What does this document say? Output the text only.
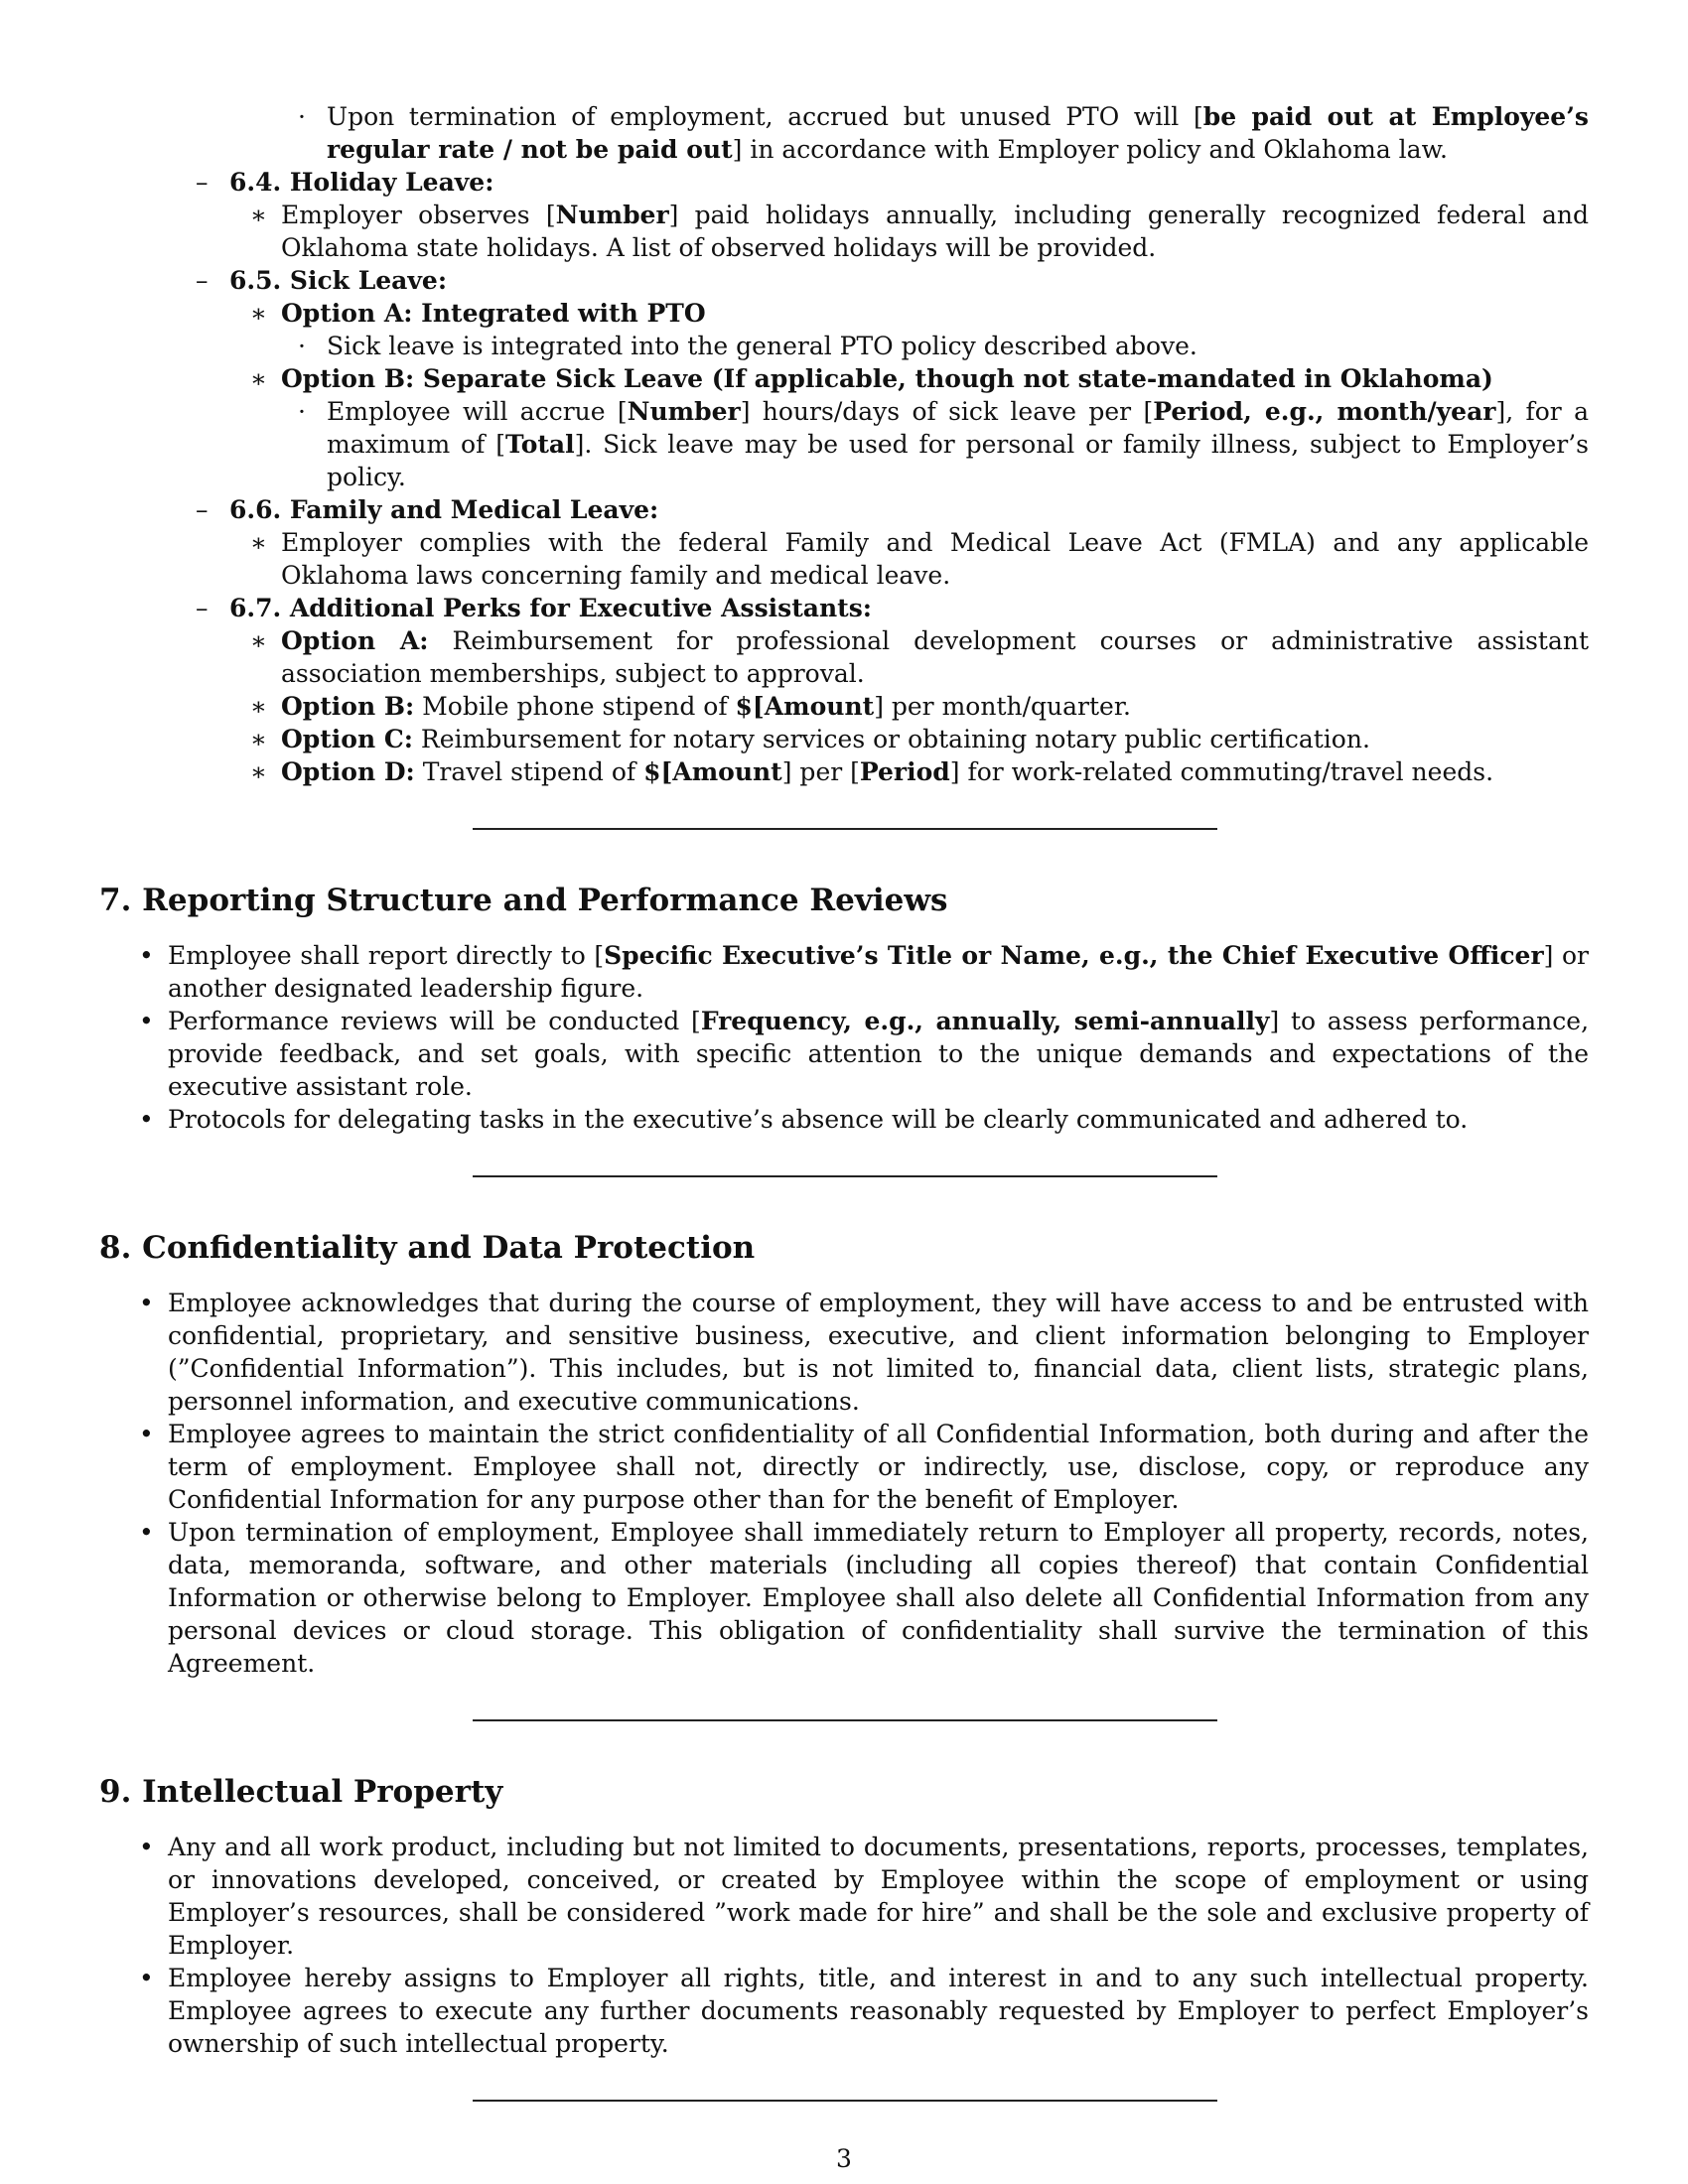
· Upon termination of employment, accrued but unused PTO will [be paid out at Employee’s regular rate / not be paid out] in accordance with Employer policy and Oklahoma law.
– 6.4. Holiday Leave:
∗ Employer observes [Number] paid holidays annually, including generally recognized federal and Oklahoma state holidays. A list of observed holidays will be provided.
– 6.5. Sick Leave:
∗ Option A: Integrated with PTO
· Sick leave is integrated into the general PTO policy described above.
∗ Option B: Separate Sick Leave (If applicable, though not state-mandated in Oklahoma)
· Employee will accrue [Number] hours/days of sick leave per [Period, e.g., month/year], for a maximum of [Total]. Sick leave may be used for personal or family illness, subject to Employer’s policy.
– 6.6. Family and Medical Leave:
∗ Employer complies with the federal Family and Medical Leave Act (FMLA) and any applicable Oklahoma laws concerning family and medical leave.
– 6.7. Additional Perks for Executive Assistants:
∗ Option A: Reimbursement for professional development courses or administrative assistant association memberships, subject to approval.
∗ Option B: Mobile phone stipend of $[Amount] per month/quarter.
∗ Option C: Reimbursement for notary services or obtaining notary public certification.
∗ Option D: Travel stipend of $[Amount] per [Period] for work-related commuting/travel needs.
7. Reporting Structure and Performance Reviews
• Employee shall report directly to [Specific Executive’s Title or Name, e.g., the Chief Executive Officer] or another designated leadership figure.
• Performance reviews will be conducted [Frequency, e.g., annually, semi-annually] to assess performance, provide feedback, and set goals, with specific attention to the unique demands and expectations of the executive assistant role.
• Protocols for delegating tasks in the executive’s absence will be clearly communicated and adhered to.
8. Confidentiality and Data Protection
• Employee acknowledges that during the course of employment, they will have access to and be entrusted with confidential, proprietary, and sensitive business, executive, and client information belonging to Employer (”Confidential Information”). This includes, but is not limited to, financial data, client lists, strategic plans, personnel information, and executive communications.
• Employee agrees to maintain the strict confidentiality of all Confidential Information, both during and after the term of employment. Employee shall not, directly or indirectly, use, disclose, copy, or reproduce any Confidential Information for any purpose other than for the benefit of Employer.
• Upon termination of employment, Employee shall immediately return to Employer all property, records, notes, data, memoranda, software, and other materials (including all copies thereof) that contain Confidential Information or otherwise belong to Employer. Employee shall also delete all Confidential Information from any personal devices or cloud storage. This obligation of confidentiality shall survive the termination of this Agreement.
9. Intellectual Property
• Any and all work product, including but not limited to documents, presentations, reports, processes, templates, or innovations developed, conceived, or created by Employee within the scope of employment or using Employer’s resources, shall be considered ”work made for hire” and shall be the sole and exclusive property of Employer.
• Employee hereby assigns to Employer all rights, title, and interest in and to any such intellectual property. Employee agrees to execute any further documents reasonably requested by Employer to perfect Employer’s ownership of such intellectual property.
3
